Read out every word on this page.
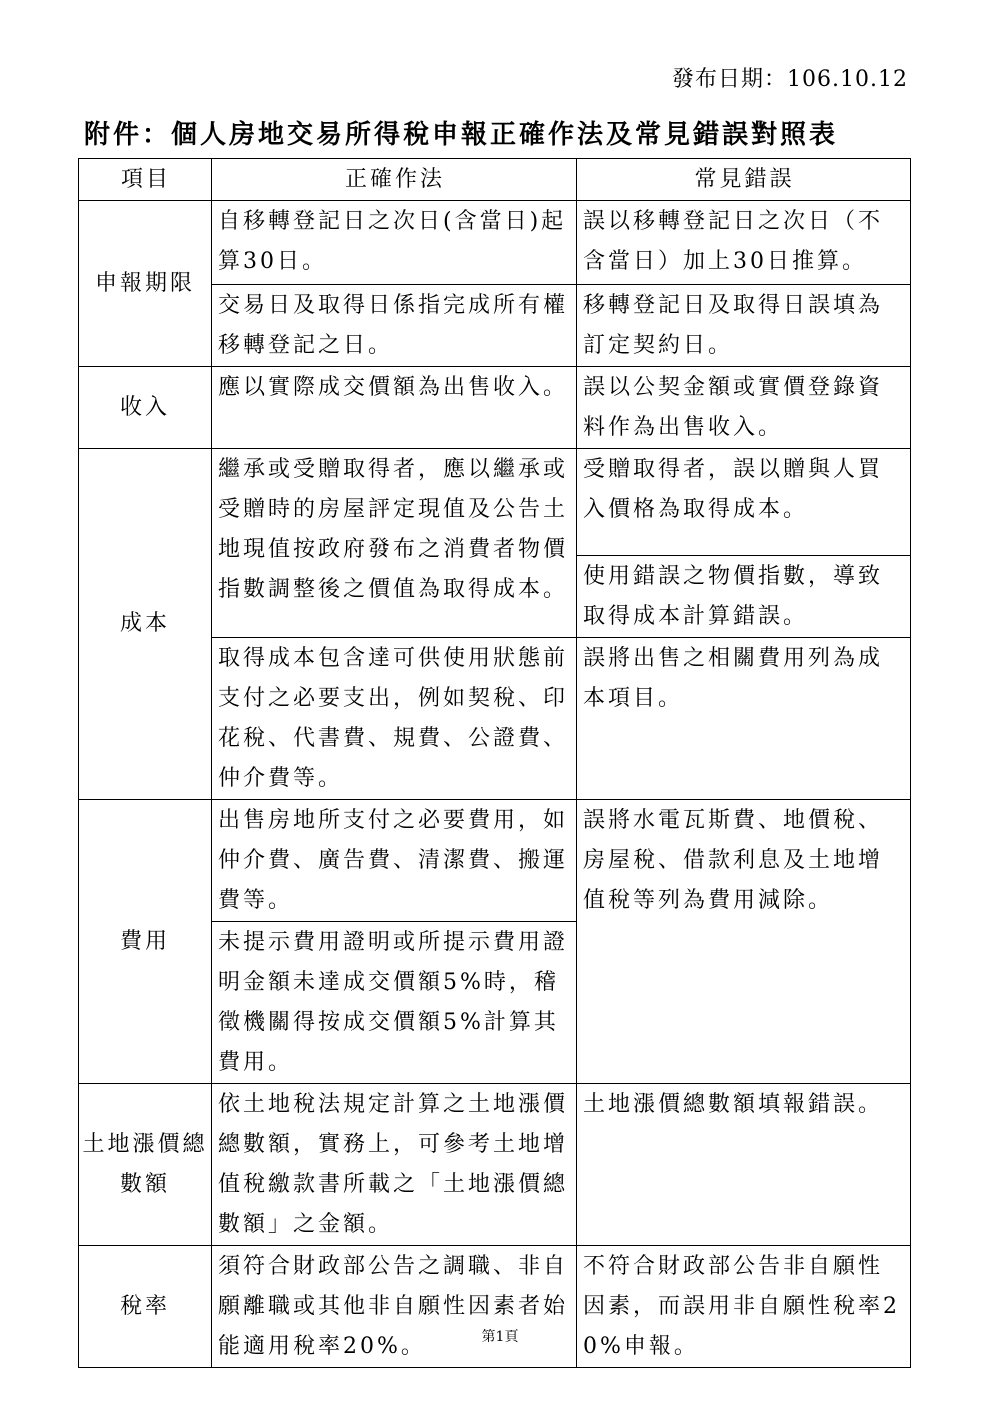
發布日期：106.10.12
附件：個人房地交易所得稅申報正確作法及常見錯誤對照表
項目	正確作法	常見錯誤
申報期限	自移轉登記日之次日(含當日)起算30日。	誤以移轉登記日之次日（不含當日）加上30日推算。
	交易日及取得日係指完成所有權移轉登記之日。	移轉登記日及取得日誤填為訂定契約日。
收入	應以實際成交價額為出售收入。	誤以公契金額或實價登錄資料作為出售收入。
成本	繼承或受贈取得者，應以繼承或受贈時的房屋評定現值及公告土地現值按政府發布之消費者物價指數調整後之價值為取得成本。	受贈取得者，誤以贈與人買入價格為取得成本。
		使用錯誤之物價指數，導致取得成本計算錯誤。
	取得成本包含達可供使用狀態前支付之必要支出，例如契稅、印花稅、代書費、規費、公證費、仲介費等。	誤將出售之相關費用列為成本項目。
費用	出售房地所支付之必要費用，如仲介費、廣告費、清潔費、搬運費等。	誤將水電瓦斯費、地價稅、房屋稅、借款利息及土地增值稅等列為費用減除。
	未提示費用證明或所提示費用證明金額未達成交價額5%時，稽徵機關得按成交價額5%計算其費用。	
土地漲價總數額	依土地稅法規定計算之土地漲價總數額，實務上，可參考土地增值稅繳款書所載之「土地漲價總數額」之金額。	土地漲價總數額填報錯誤。
稅率	須符合財政部公告之調職、非自願離職或其他非自願性因素者始能適用稅率20%。	不符合財政部公告非自願性因素，而誤用非自願性稅率20%申報。
第1頁
